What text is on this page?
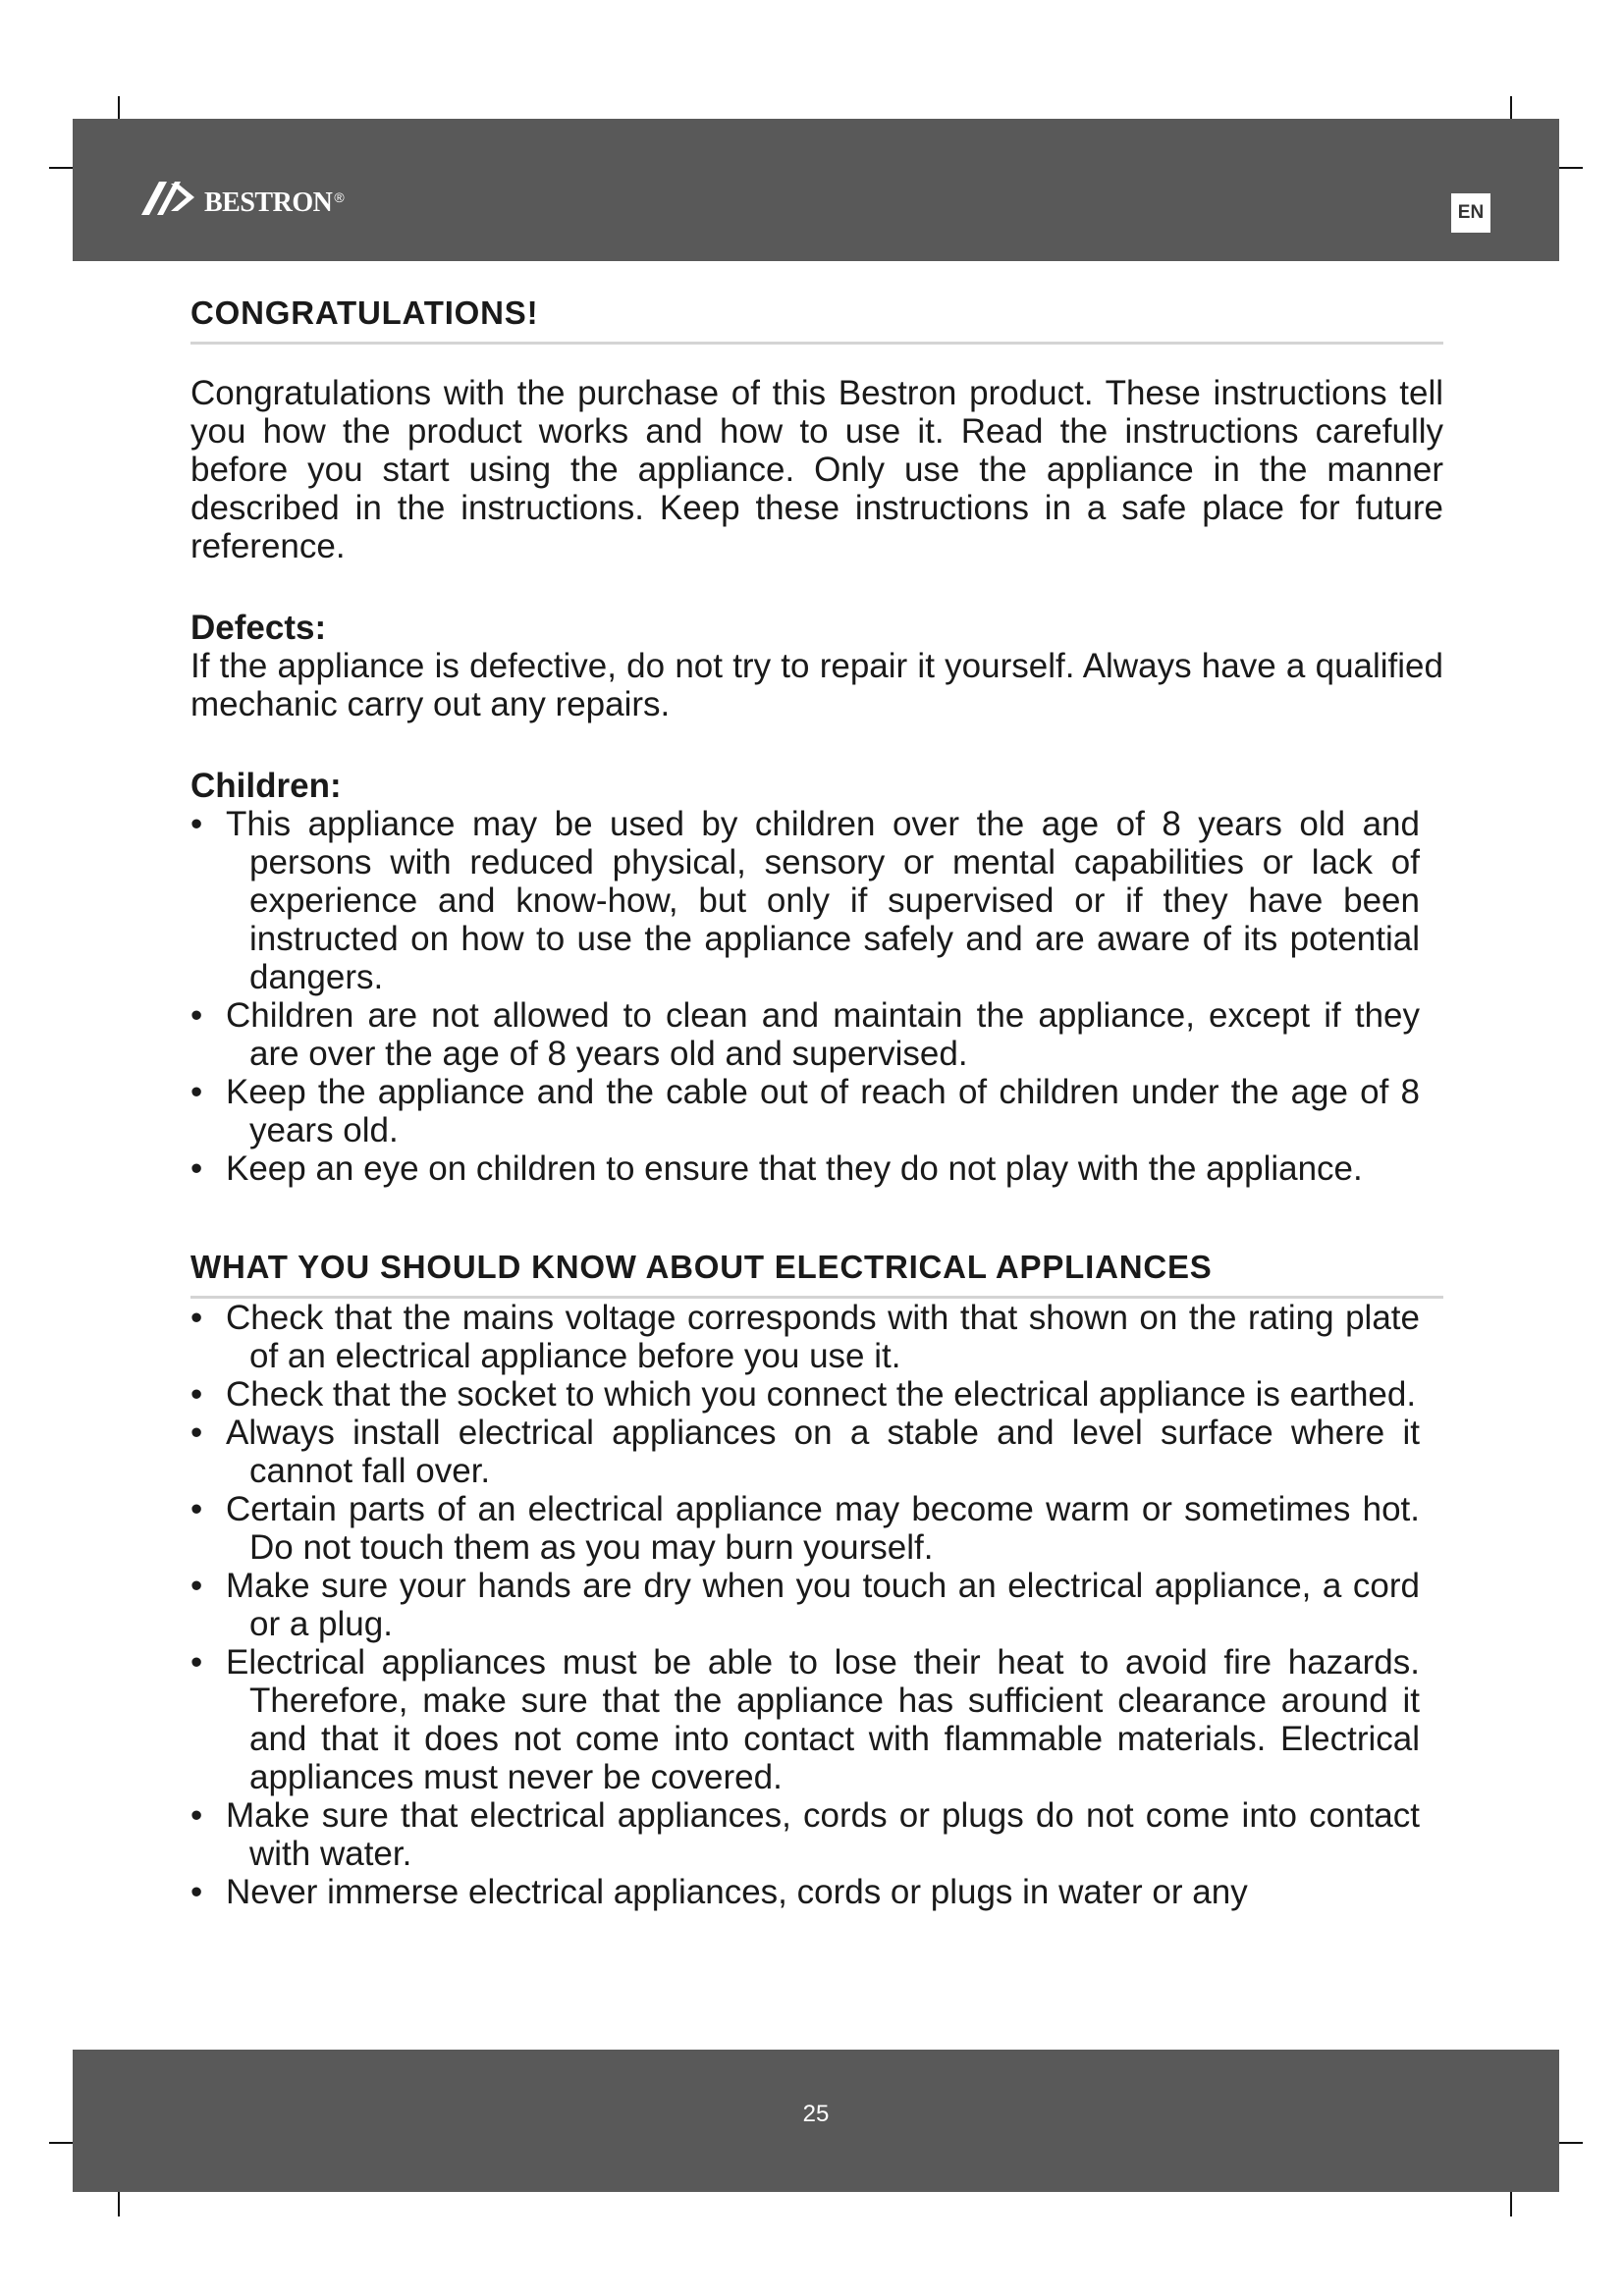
bestron ®
EN
CONGRATULATIONS!

Congratulations with the purchase of this Bestron product. These instructions tell you how the product works and how to use it. Read the instructions carefully before you start using the appliance. Only use the appliance in the manner described in the instructions. Keep these instructions in a safe place for future reference.

Defects:

If the appliance is defective, do not try to repair it yourself. Always have a qualified mechanic carry out any repairs.

Children:

• This appliance may be used by children over the age of 8 years old and persons with reduced physical, sensory or mental capabilities or lack of experience and know-how, but only if supervised or if they have been instructed on how to use the appliance safely and are aware of its potential dangers.
• Children are not allowed to clean and maintain the appliance, except if they are over the age of 8 years old and supervised.
• Keep the appliance and the cable out of reach of children under the age of 8 years old.
• Keep an eye on children to ensure that they do not play with the appliance.
WHAT YOU SHOULD KNOW ABOUT ELECTRICAL APPLIANCES
• Check that the mains voltage corresponds with that shown on the rating plate of an electrical appliance before you use it.
• Check that the socket to which you connect the electrical appliance is earthed.
• Always install electrical appliances on a stable and level surface where it cannot fall over.
• Certain parts of an electrical appliance may become warm or sometimes hot. Do not touch them as you may burn yourself.
• Make sure your hands are dry when you touch an electrical appliance, a cord or a plug.
• Electrical appliances must be able to lose their heat to avoid fire hazards. Therefore, make sure that the appliance has sufficient clearance around it and that it does not come into contact with flammable materials. Electrical appliances must never be covered.
• Make sure that electrical appliances, cords or plugs do not come into contact with water.
• Never immerse electrical appliances, cords or plugs in water or any
25
